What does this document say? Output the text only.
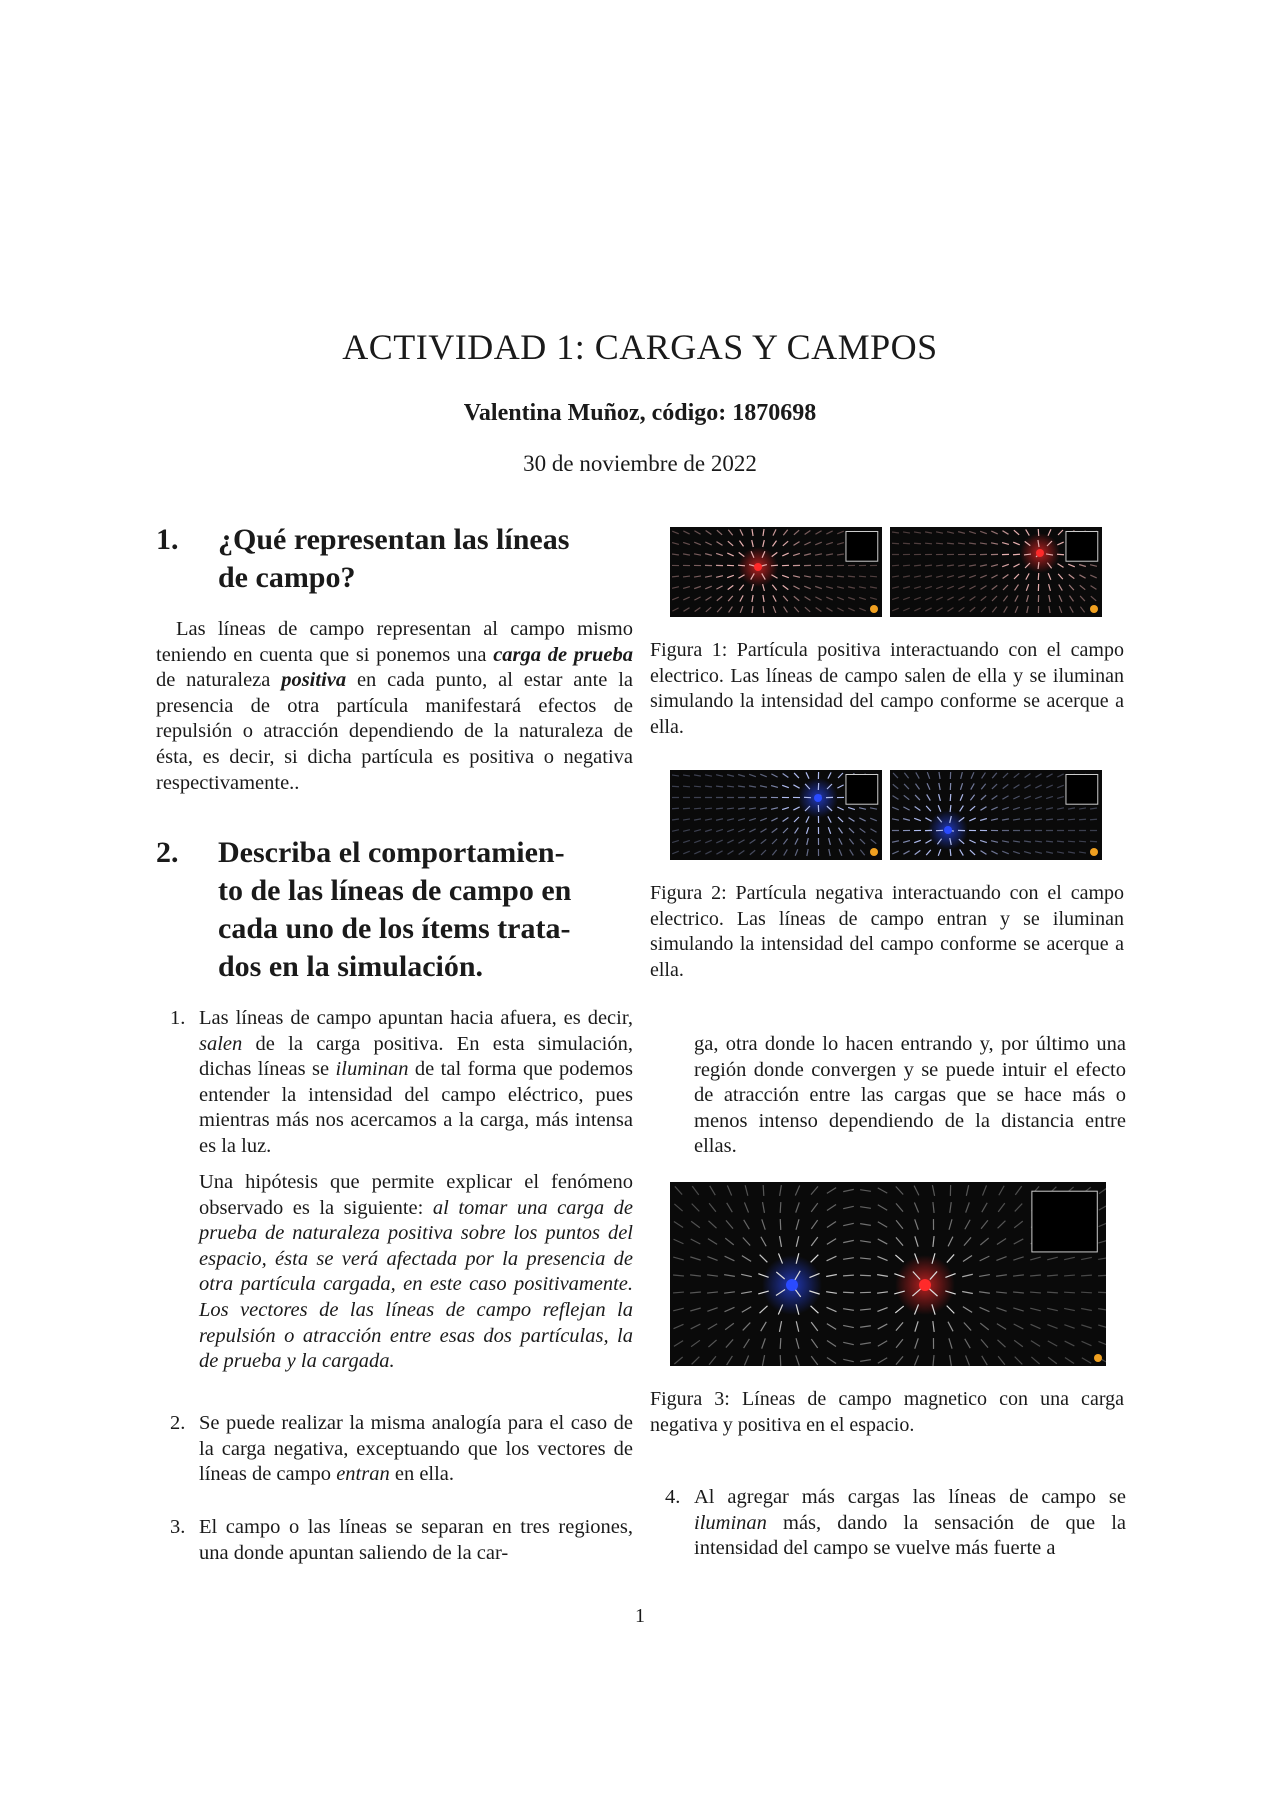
ACTIVIDAD 1: CARGAS Y CAMPOS
Valentina Muñoz, código: 1870698
30 de noviembre de 2022
1. ¿Qué representan las líneas
de campo?
Las líneas de campo representan al campo mismo teniendo en cuenta que si ponemos una carga de prueba de naturaleza positiva en cada punto, al estar ante la presencia de otra partícula manifestará efectos de repulsión o atracción dependiendo de la naturaleza de ésta, es decir, si dicha partícula es positiva o negativa respectivamente..
2. Describa el comportamien-
to de las líneas de campo en
cada uno de los ítems trata-
dos en la simulación.
1. Las líneas de campo apuntan hacia afuera, es decir, salen de la carga positiva. En esta simulación, dichas líneas se iluminan de tal forma que podemos entender la intensidad del campo eléctrico, pues mientras más nos acercamos a la carga, más intensa es la luz.
Una hipótesis que permite explicar el fenómeno observado es la siguiente: al tomar una carga de prueba de naturaleza positiva sobre los puntos del espacio, ésta se verá afectada por la presencia de otra partícula cargada, en este caso positivamente. Los vectores de las líneas de campo reflejan la repulsión o atracción entre esas dos partículas, la de prueba y la cargada.
2. Se puede realizar la misma analogía para el caso de la carga negativa, exceptuando que los vectores de líneas de campo entran en ella.
3. El campo o las líneas se separan en tres regiones, una donde apuntan saliendo de la car-
Figura 1: Partícula positiva interactuando con el campo electrico. Las líneas de campo salen de ella y se iluminan simulando la intensidad del campo conforme se acerque a ella.
Figura 2: Partícula negativa interactuando con el campo electrico. Las líneas de campo entran y se iluminan simulando la intensidad del campo conforme se acerque a ella.
ga, otra donde lo hacen entrando y, por último una región donde convergen y se puede intuir el efecto de atracción entre las cargas que se hace más o menos intenso dependiendo de la distancia entre ellas.
Figura 3: Líneas de campo magnetico con una carga negativa y positiva en el espacio.
4. Al agregar más cargas las líneas de campo se iluminan más, dando la sensación de que la intensidad del campo se vuelve más fuerte a
1
